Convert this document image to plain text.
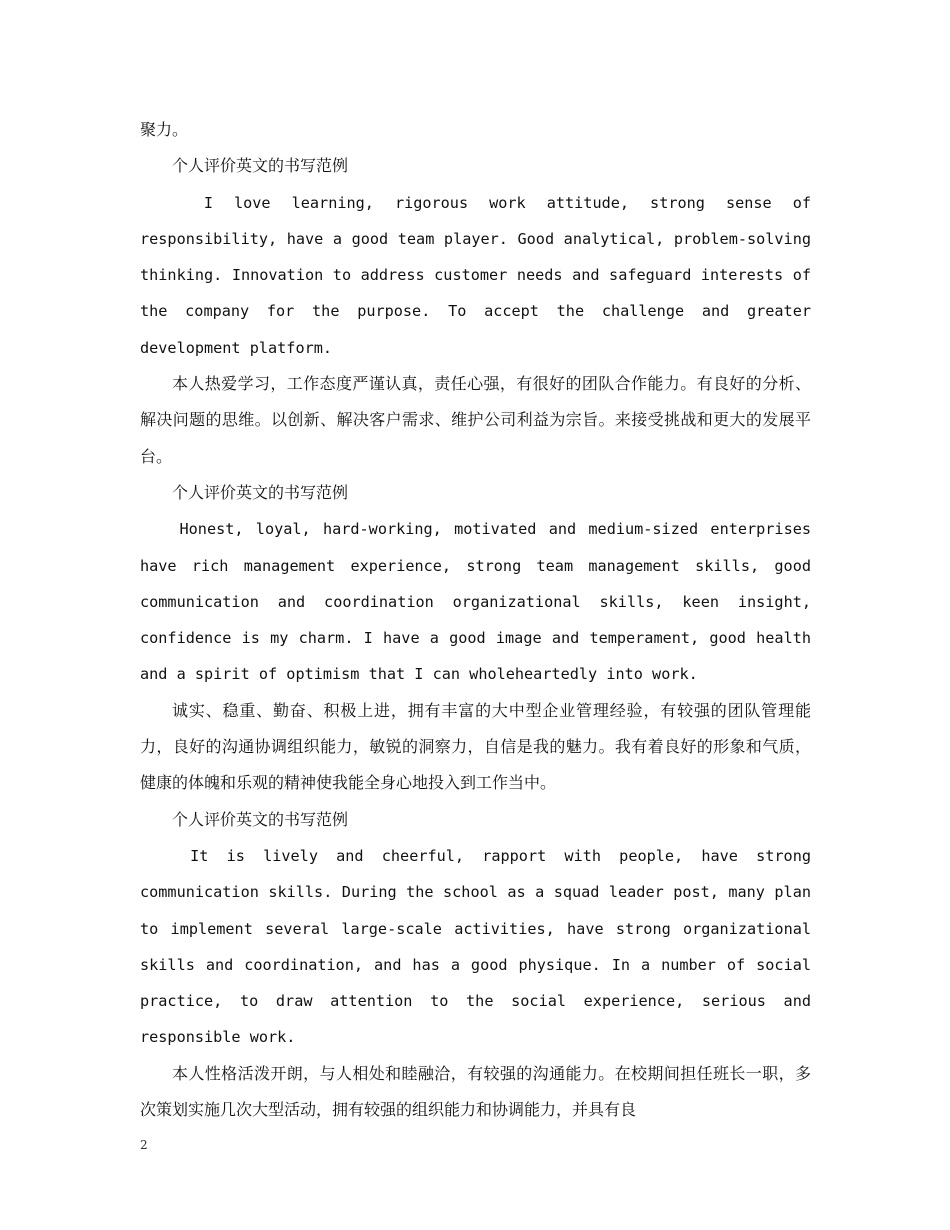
聚力。

个人评价英文的书写范例

I love learning, rigorous work attitude, strong sense of responsibility, have a good team player. Good analytical, problem-solving thinking. Innovation to address customer needs and safeguard interests of the company for the purpose. To accept the challenge and greater development platform.

本人热爱学习，工作态度严谨认真，责任心强，有很好的团队合作能力。有良好的分析、解决问题的思维。以创新、解决客户需求、维护公司利益为宗旨。来接受挑战和更大的发展平台。

个人评价英文的书写范例

Honest, loyal, hard-working, motivated and medium-sized enterprises have rich management experience, strong team management skills, good communication and coordination organizational skills, keen insight, confidence is my charm. I have a good image and temperament, good health and a spirit of optimism that I can wholeheartedly into work.

诚实、稳重、勤奋、积极上进，拥有丰富的大中型企业管理经验，有较强的团队管理能力，良好的沟通协调组织能力，敏锐的洞察力，自信是我的魅力。我有着良好的形象和气质，健康的体魄和乐观的精神使我能全身心地投入到工作当中。

个人评价英文的书写范例

It is lively and cheerful, rapport with people, have strong communication skills. During the school as a squad leader post, many plan to implement several large-scale activities, have strong organizational skills and coordination, and has a good physique. In a number of social practice, to draw attention to the social experience, serious and responsible work.

本人性格活泼开朗，与人相处和睦融洽，有较强的沟通能力。在校期间担任班长一职，多次策划实施几次大型活动，拥有较强的组织能力和协调能力，并具有良

2
